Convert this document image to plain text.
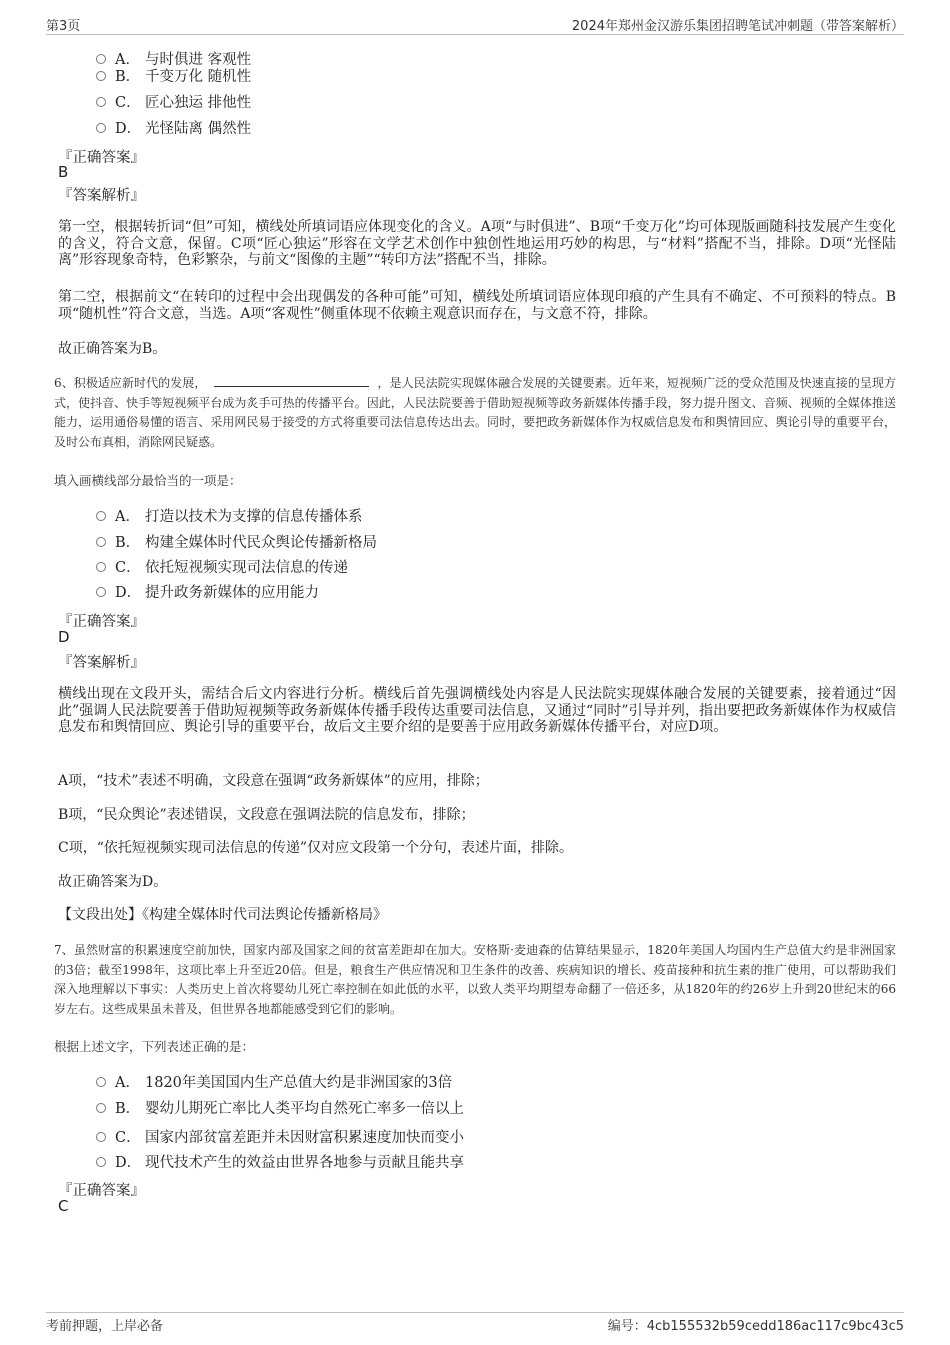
第3页	2024年郑州金汉游乐集团招聘笔试冲刺题（带答案解析）
A． 与时俱进 客观性
B． 千变万化 随机性
C． 匠心独运 排他性
D． 光怪陆离 偶然性
『正确答案』
B
『答案解析』
第一空，根据转折词“但”可知，横线处所填词语应体现变化的含义。A项“与时俱进”、B项“千变万化”均可体现版画随科技发展产生变化的含义，符合文意，保留。C项“匠心独运”形容在文学艺术创作中独创性地运用巧妙的构思，与“材料”搭配不当，排除。D项“光怪陆离”形容现象奇特，色彩繁杂，与前文“图像的主题”“转印方法”搭配不当，排除。
第二空，根据前文“在转印的过程中会出现偶发的各种可能”可知，横线处所填词语应体现印痕的产生具有不确定、不可预料的特点。B项“随机性”符合文意，当选。A项“客观性”侧重体现不依赖主观意识而存在，与文意不符，排除。
故正确答案为B。
6、积极适应新时代的发展，	，是人民法院实现媒体融合发展的关键要素。近年来，短视频广泛的受众范围及快速直接的呈现方式，使抖音、快手等短视频平台成为炙手可热的传播平台。因此，人民法院要善于借助短视频等政务新媒体传播手段，努力提升图文、音频、视频的全媒体推送能力，运用通俗易懂的语言、采用网民易于接受的方式将重要司法信息传达出去。同时，要把政务新媒体作为权威信息发布和舆情回应、舆论引导的重要平台，及时公布真相，消除网民疑惑。
填入画横线部分最恰当的一项是：
A． 打造以技术为支撑的信息传播体系
B． 构建全媒体时代民众舆论传播新格局
C． 依托短视频实现司法信息的传递
D． 提升政务新媒体的应用能力
『正确答案』
D
『答案解析』
横线出现在文段开头，需结合后文内容进行分析。横线后首先强调横线处内容是人民法院实现媒体融合发展的关键要素，接着通过“因此”强调人民法院要善于借助短视频等政务新媒体传播手段传达重要司法信息，又通过“同时”引导并列，指出要把政务新媒体作为权威信息发布和舆情回应、舆论引导的重要平台，故后文主要介绍的是要善于应用政务新媒体传播平台，对应D项。
A项，“技术”表述不明确，文段意在强调“政务新媒体”的应用，排除；
B项，“民众舆论”表述错误，文段意在强调法院的信息发布，排除；
C项，“依托短视频实现司法信息的传递”仅对应文段第一个分句，表述片面，排除。
故正确答案为D。
【文段出处】《构建全媒体时代司法舆论传播新格局》
7、虽然财富的积累速度空前加快，国家内部及国家之间的贫富差距却在加大。安格斯·麦迪森的估算结果显示，1820年美国人均国内生产总值大约是非洲国家的3倍；截至1998年，这项比率上升至近20倍。但是，粮食生产供应情况和卫生条件的改善、疾病知识的增长、疫苗接种和抗生素的推广使用，可以帮助我们深入地理解以下事实：人类历史上首次将婴幼儿死亡率控制在如此低的水平，以致人类平均期望寿命翻了一倍还多，从1820年的约26岁上升到20世纪末的66岁左右。这些成果虽未普及，但世界各地都能感受到它们的影响。
根据上述文字，下列表述正确的是：
A． 1820年美国国内生产总值大约是非洲国家的3倍
B． 婴幼儿期死亡率比人类平均自然死亡率多一倍以上
C． 国家内部贫富差距并未因财富积累速度加快而变小
D． 现代技术产生的效益由世界各地参与贡献且能共享
『正确答案』
C
考前押题，上岸必备	编号：4cb155532b59cedd186ac117c9bc43c5
